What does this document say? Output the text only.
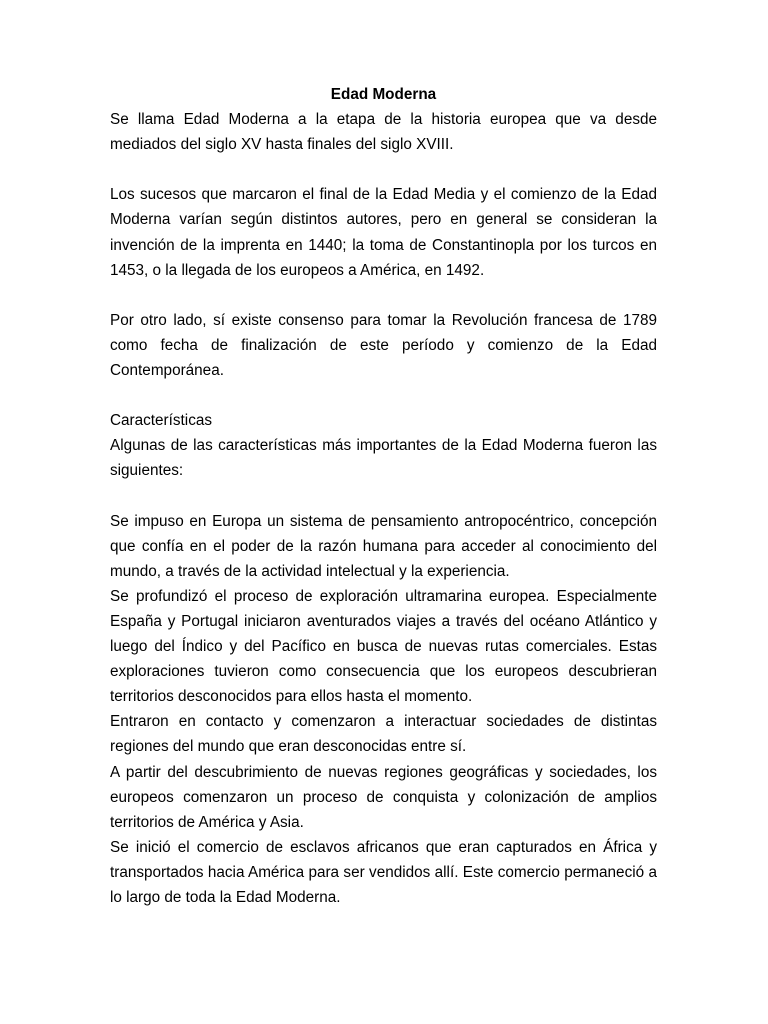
Edad Moderna

Se llama Edad Moderna a la etapa de la historia europea que va desde mediados del siglo XV hasta finales del siglo XVIII.

Los sucesos que marcaron el final de la Edad Media y el comienzo de la Edad Moderna varían según distintos autores, pero en general se consideran la invención de la imprenta en 1440; la toma de Constantinopla por los turcos en 1453, o la llegada de los europeos a América, en 1492.

Por otro lado, sí existe consenso para tomar la Revolución francesa de 1789 como fecha de finalización de este período y comienzo de la Edad Contemporánea.

Características

Algunas de las características más importantes de la Edad Moderna fueron las siguientes:

Se impuso en Europa un sistema de pensamiento antropocéntrico, concepción que confía en el poder de la razón humana para acceder al conocimiento del mundo, a través de la actividad intelectual y la experiencia.

Se profundizó el proceso de exploración ultramarina europea. Especialmente España y Portugal iniciaron aventurados viajes a través del océano Atlántico y luego del Índico y del Pacífico en busca de nuevas rutas comerciales. Estas exploraciones tuvieron como consecuencia que los europeos descubrieran territorios desconocidos para ellos hasta el momento.

Entraron en contacto y comenzaron a interactuar sociedades de distintas regiones del mundo que eran desconocidas entre sí.

A partir del descubrimiento de nuevas regiones geográficas y sociedades, los europeos comenzaron un proceso de conquista y colonización de amplios territorios de América y Asia.

Se inició el comercio de esclavos africanos que eran capturados en África y transportados hacia América para ser vendidos allí. Este comercio permaneció a lo largo de toda la Edad Moderna.
